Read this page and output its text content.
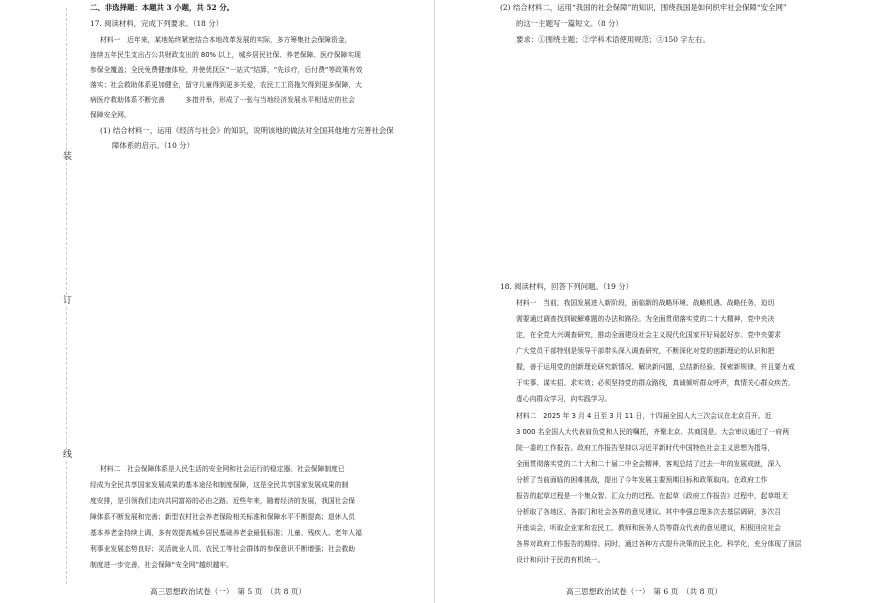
装
订
线
二、非选择题：本题共 3 小题，共 52 分。
17. 阅读材料，完成下列要求。（18 分）
材料一　近年来，某地始终紧密结合本地改革发展的实际，多方筹集社会保障资金，
连续五年民生支出占公共财政支出的 80% 以上，城乡居民社保、养老保障、医疗保障实现
参保全覆盖；全民免费健康体检，并使优抚区“一站式”结算，“先诊疗，后付费”等政策有效
落实；社会救助体系更加健全，留守儿童得到更多关爱，农民工工资拖欠得到更多保障，大
病医疗救助体系不断完善　　　多措并举，形成了一张与当地经济发展水平相适应的社会
保障安全网。
(1) 结合材料一，运用《经济与社会》的知识，说明该地的做法对全国其他地方完善社会保
障体系的启示。（10 分）
材料二　社会保障体系是人民生活的安全网和社会运行的稳定器。社会保障制度已
经成为全民共享国家发展成果的基本途径和制度保障，这是全民共享国家发展成果的制
度安排，是引领我们走向共同富裕的必由之路。近些年来，随着经济的发展，我国社会保
障体系不断发展和完善；新型农村社会养老保险相关标准和保障水平不断提高；退休人员
基本养老金持续上调，多有效提高城乡居民基础养老金最低标准；儿童、残疾人、老年人福
利事业发展态势良好；灵活就业人员、农民工等社会群体的参保意识不断增强；社会救助
制度进一步完善，社会保障“安全网”越织越牢。
高三思想政治试卷（一）　第 5 页　（共 8 页）
(2) 结合材料二，运用“我国的社会保障”的知识，围绕我国是如何织牢社会保障“安全网”
的这一主题写一篇短文。（8 分）
要求：①围绕主题；②学科术语使用规范；③150 字左右。
18. 阅读材料，回答下列问题。（19 分）
材料一　当前，我国发展进入新阶段，面临新的战略环境、战略机遇、战略任务，迫切
需要通过调查找到破解难题的办法和路径。为全面贯彻落实党的二十大精神，党中央决
定，在全党大兴调查研究，推动全面建设社会主义现代化国家开好局起好步。党中央要求
广大党员干部特别是领导干部带头深入调查研究，不断深化对党的创新理论的认识和把
握，善于运用党的创新理论研究新情况、解决新问题，总结新经验、探索新规律，并且要力戒
于实事、谋实招、求实效；必须坚持党的群众路线，真诚倾听群众呼声，真情关心群众疾苦，
虚心向群众学习，向实践学习。
材料二　2025 年 3 月 4 日至 3 月 11 日，十四届全国人大三次会议在北京召开。近
3 000 名全国人大代表肩负党和人民的嘱托，齐聚北京、共商国是。大会审议通过了一府两
院一委的工作报告。政府工作报告坚持以习近平新时代中国特色社会主义思想为指导，
全面贯彻落实党的二十大和二十届二中全会精神，客观总结了过去一年的发展成就，深入
分析了当前面临的困难挑战，提出了今年发展主要预期目标和政策取向。在政府工作
报告的起草过程是一个集众智、汇众力的过程。在起草《政府工作报告》过程中，起草组无
分析取了各地区、各部门和社会各界的意见建议。其中李强总理多次去基层调研，多次召
开座谈会，听取企业家和农民工、教师和医务人员等群众代表的意见建议，积极回应社会
各界对政府工作报告的期待。同时，通过各种方式提升决策的民主化、科学化，充分体现了顶层
设计和问计于民的有机统一。
高三思想政治试卷（一）　第 6 页　（共 8 页）
